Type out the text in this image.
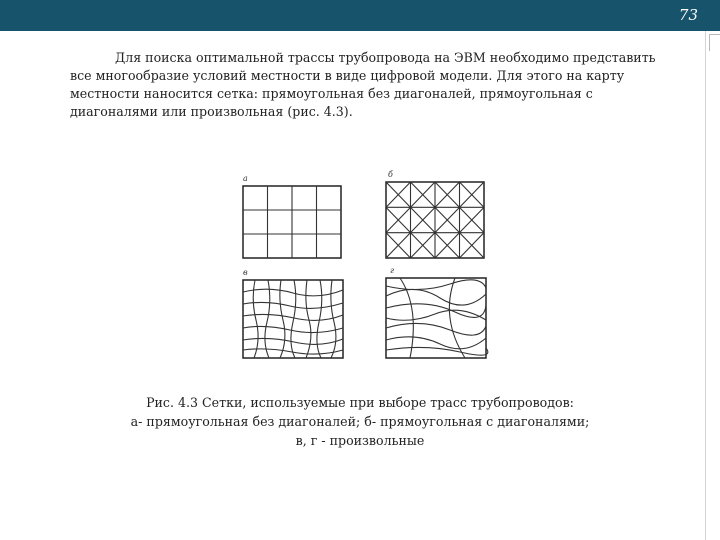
73

Для поиска оптимальной трассы трубопровода на ЭВМ необходимо представить все многообразие условий местности в виде цифровой модели. Для этого на карту местности наносится сетка: прямоугольная без диагоналей, прямоугольная с диагоналями или произвольная (рис. 4.3).

а	б
в	г
Рис. 4.3 Сетки, используемые при выборе трасс трубопроводов:
а- прямоугольная без диагоналей; б- прямоугольная с диагоналями;
в, г - произвольные
